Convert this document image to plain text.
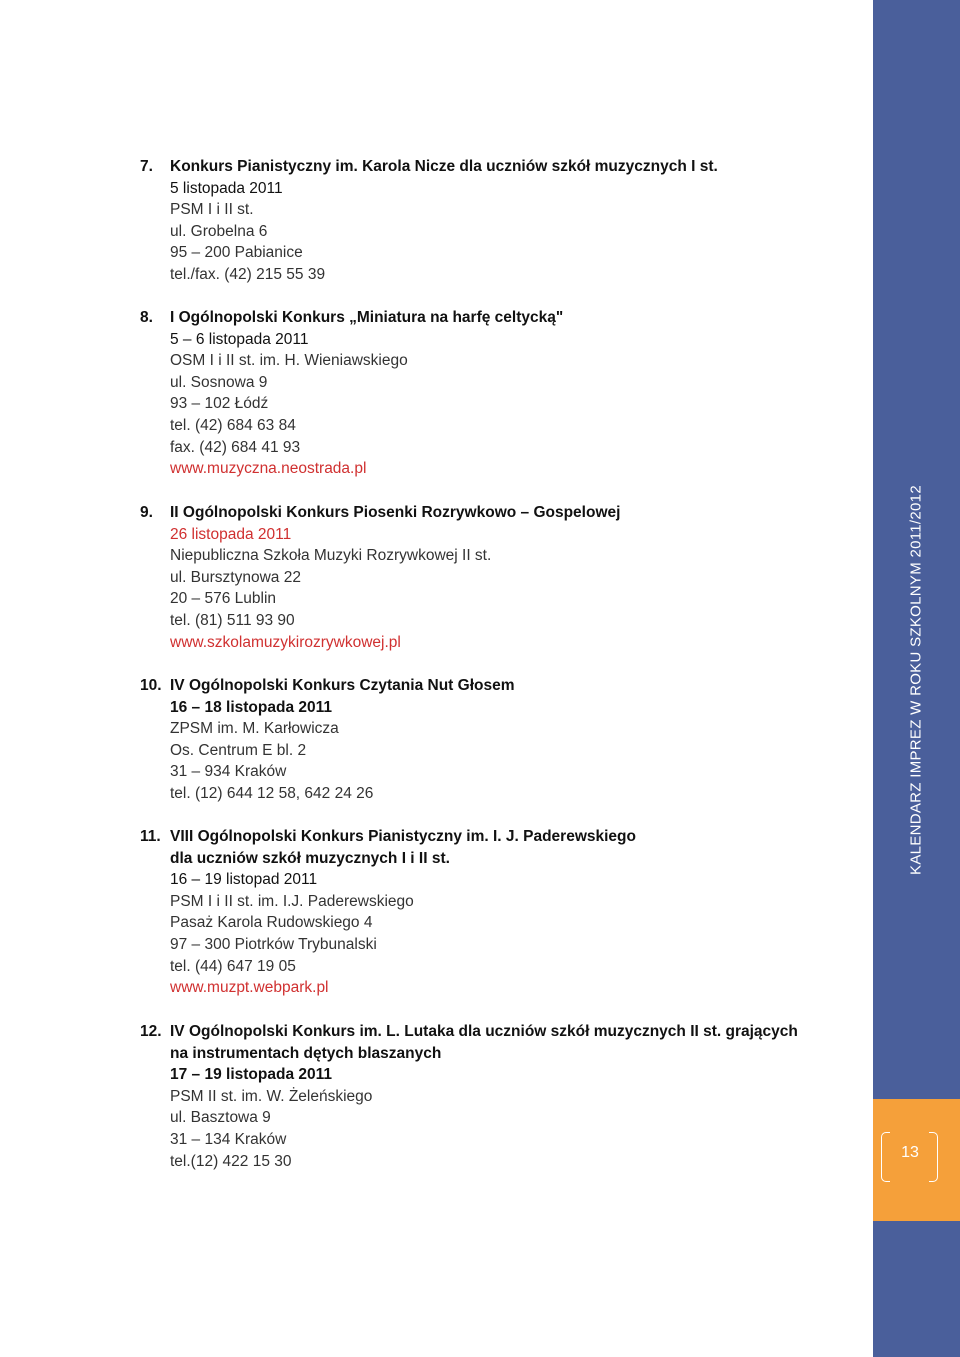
KALENDARZ IMPREZ W ROKU SZKOLNYM 2011/2012
13
7. Konkurs Pianistyczny im. Karola Nicze dla uczniów szkół muzycznych I st.
5 listopada 2011
PSM I i II st.
ul. Grobelna 6
95 – 200 Pabianice
tel./fax. (42) 215 55 39
8. I Ogólnopolski Konkurs „Miniatura na harfę celtycką"
5 – 6 listopada 2011
OSM I i II st. im. H. Wieniawskiego
ul. Sosnowa 9
93 – 102 Łódź
tel. (42) 684 63 84
fax. (42) 684 41 93
www.muzyczna.neostrada.pl
9. II Ogólnopolski Konkurs Piosenki Rozrywkowo – Gospelowej
26 listopada 2011
Niepubliczna Szkoła Muzyki Rozrywkowej II st.
ul. Bursztynowa 22
20 – 576 Lublin
tel. (81) 511 93 90
www.szkolamuzykirozrywkowej.pl
10. IV Ogólnopolski Konkurs Czytania Nut Głosem
16 – 18 listopada 2011
ZPSM im. M. Karłowicza
Os. Centrum E bl. 2
31 – 934 Kraków
tel. (12) 644 12 58, 642 24 26
11. VIII Ogólnopolski Konkurs Pianistyczny im. I. J. Paderewskiego
dla uczniów szkół muzycznych I i II st.
16 – 19 listopad 2011
PSM I i II st. im. I.J. Paderewskiego
Pasaż Karola Rudowskiego 4
97 – 300 Piotrków Trybunalski
tel. (44) 647 19 05
www.muzpt.webpark.pl
12. IV Ogólnopolski Konkurs im. L. Lutaka dla uczniów szkół muzycznych II st. grających
na instrumentach dętych blaszanych
17 – 19 listopada 2011
PSM II st. im. W. Żeleńskiego
ul. Basztowa 9
31 – 134 Kraków
tel.(12) 422 15 30
